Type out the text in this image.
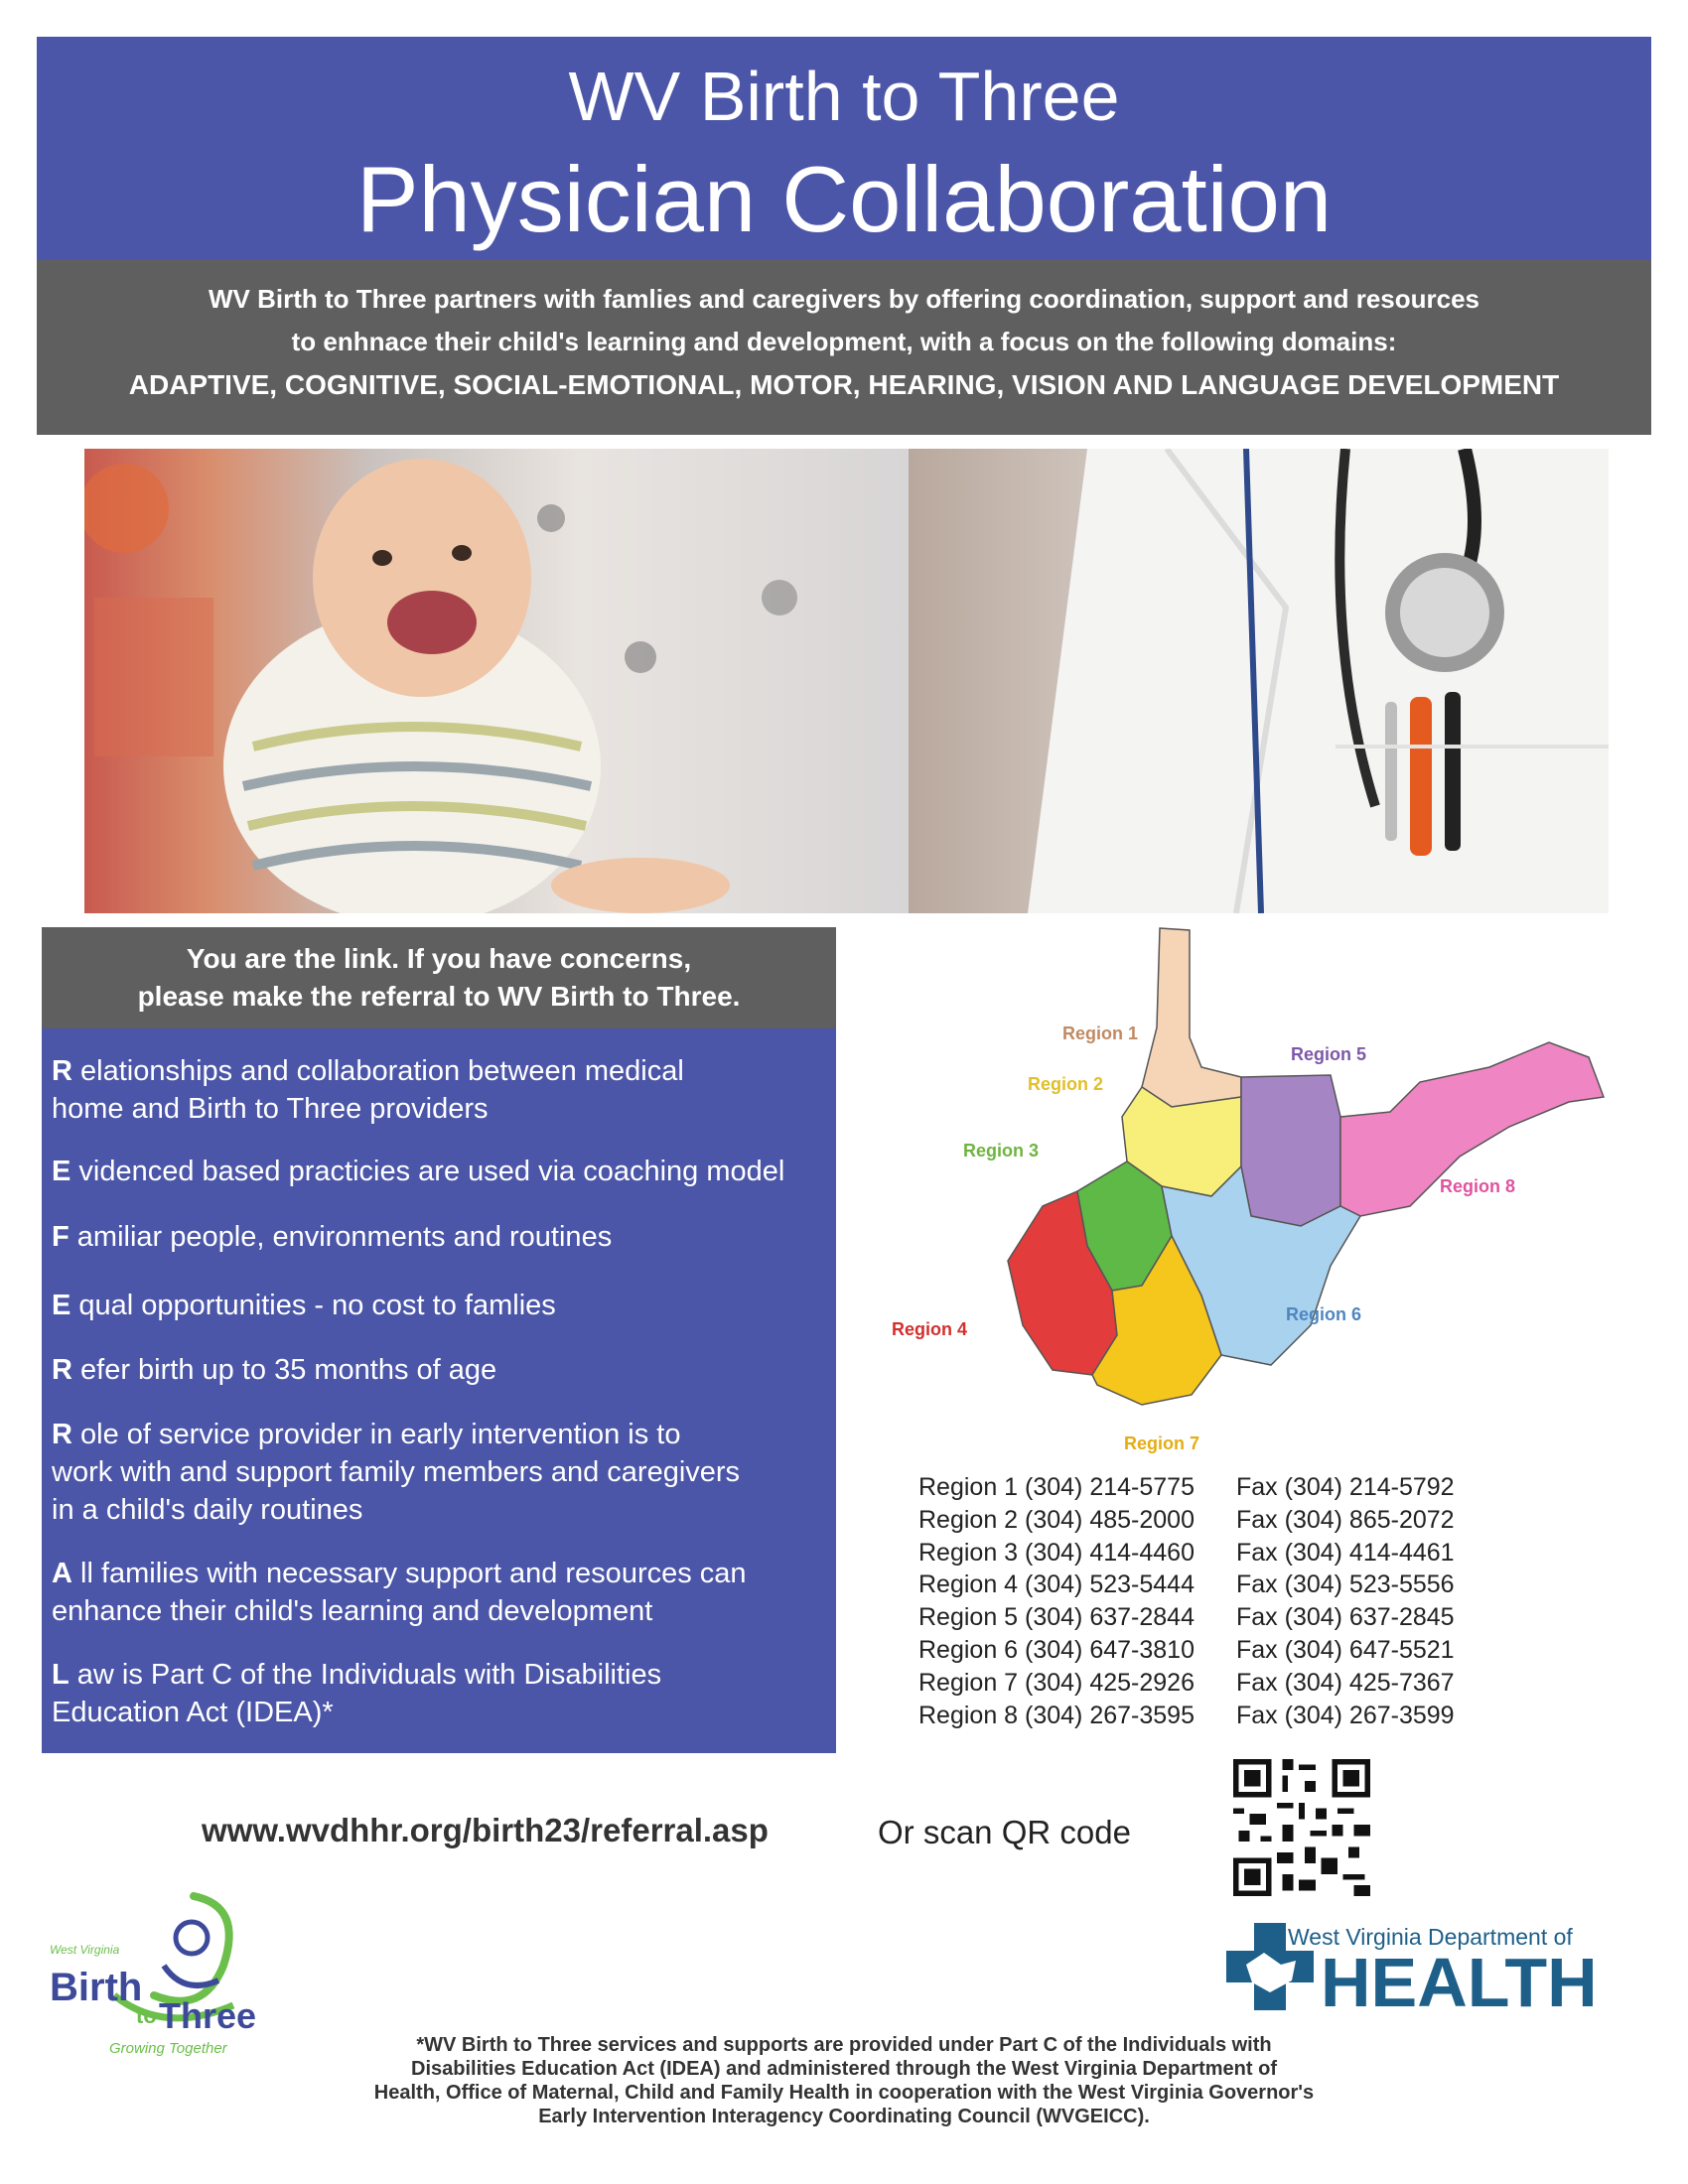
WV Birth to Three
Physician Collaboration
WV Birth to Three partners with famlies and caregivers by offering coordination, support and resources
to enhnace their child's learning and development, with a focus on the following domains:
ADAPTIVE, COGNITIVE, SOCIAL-EMOTIONAL, MOTOR, HEARING, VISION AND LANGUAGE DEVELOPMENT
You are the link. If you have concerns,
please make the referral to WV Birth to Three.
R elationships and collaboration between medical
home and Birth to Three providers
E videnced based practicies are used via coaching model
F amiliar people, environments and routines
E qual opportunities - no cost to famlies
R efer birth up to 35 months of age
R ole of service provider in early intervention is to
work with and support family members and caregivers
in a child's daily routines
A ll families with necessary support and resources can
enhance their child's learning and development
L aw is Part C of the Individuals with Disabilities
Education Act (IDEA)*
Region 1
Region 5
Region 2
Region 3
Region 8
Region 6
Region 4
Region 7
Region 1 (304) 214-5775	Fax (304) 214-5792
Region 2 (304) 485-2000	Fax (304) 865-2072
Region 3 (304) 414-4460	Fax (304) 414-4461
Region 4 (304) 523-5444	Fax (304) 523-5556
Region 5 (304) 637-2844	Fax (304) 637-2845
Region 6 (304) 647-3810	Fax (304) 647-5521
Region 7 (304) 425-2926	Fax (304) 425-7367
Region 8 (304) 267-3595	Fax (304) 267-3599
www.wvdhhr.org/birth23/referral.asp	Or scan QR code
West Virginia
Birth
to Three
Growing Together
West Virginia Department of
HEALTH
*WV Birth to Three services and supports are provided under Part C of the Individuals with
Disabilities Education Act (IDEA) and administered through the West Virginia Department of
Health, Office of Maternal, Child and Family Health in cooperation with the West Virginia Governor's
Early Intervention Interagency Coordinating Council (WVGEICC).
